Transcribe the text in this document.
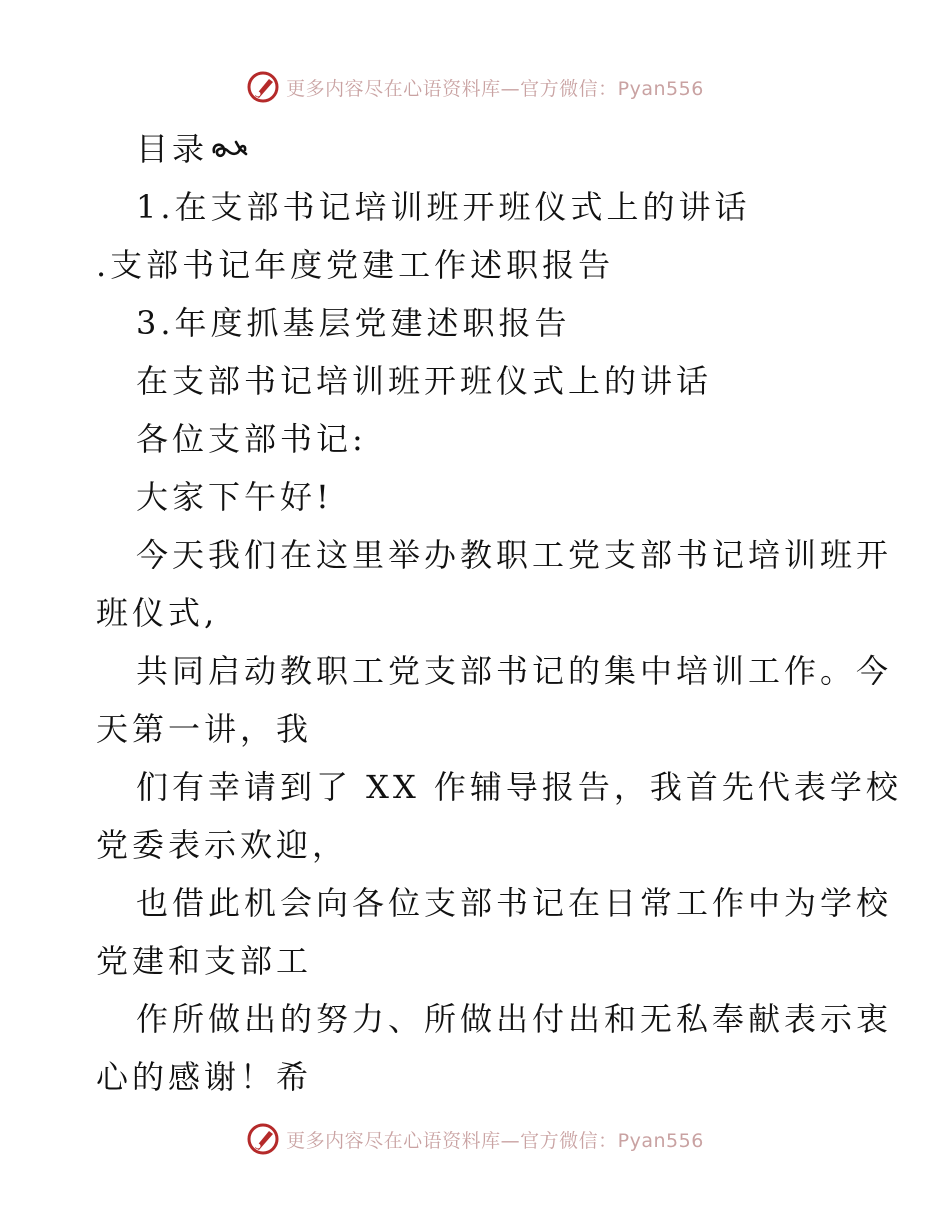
更多内容尽在心语资料库—官方微信：Pyan556

目录

1.在支部书记培训班开班仪式上的讲话

.支部书记年度党建工作述职报告

3.年度抓基层党建述职报告

在支部书记培训班开班仪式上的讲话

各位支部书记:

大家下午好!

今天我们在这里举办教职工党支部书记培训班开
班仪式,
共同启动教职工党支部书记的集中培训工作。今
天第一讲，我
们有幸请到了 XX 作辅导报告，我首先代表学校
党委表示欢迎，
也借此机会向各位支部书记在日常工作中为学校
党建和支部工
作所做出的努力、所做出付出和无私奉献表示衷
心的感谢！希
更多内容尽在心语资料库—官方微信：Pyan556
